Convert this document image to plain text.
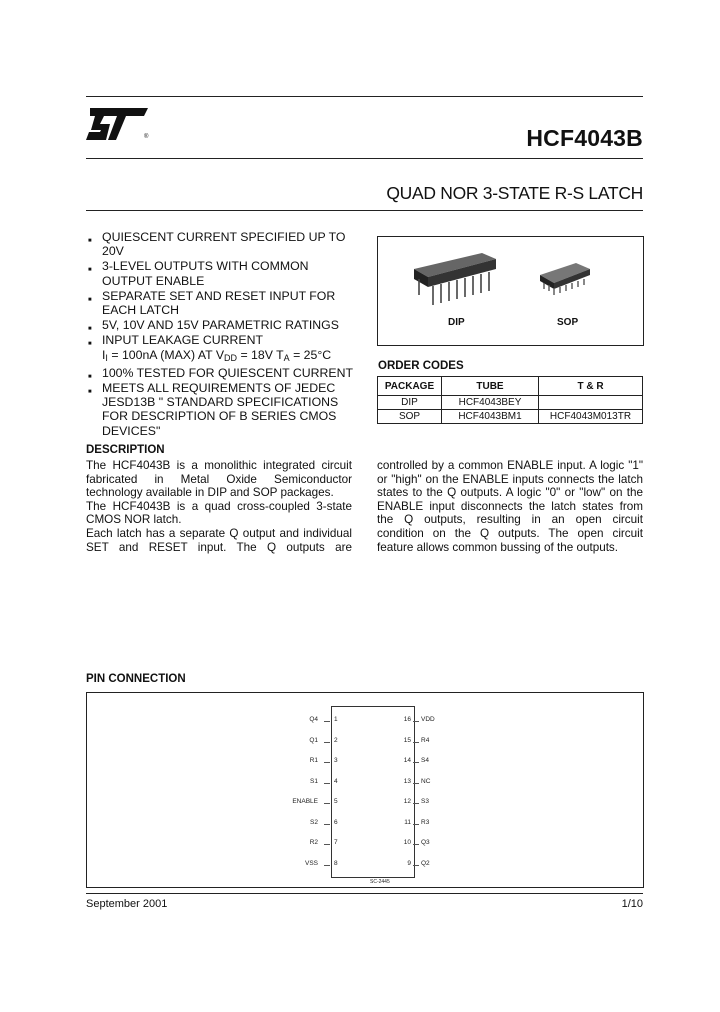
®	HCF4043B
QUAD NOR 3-STATE R-S LATCH
■ QUIESCENT CURRENT SPECIFIED UP TO
20V
■ 3-LEVEL OUTPUTS WITH COMMON
OUTPUT ENABLE
■ SEPARATE SET AND RESET INPUT FOR
EACH LATCH
■ 5V, 10V AND 15V PARAMETRIC RATINGS
■ INPUT LEAKAGE CURRENT
$I_I = 100nA$ (MAX) AT $V_{DD} = 18V$ $T_A = 25^\circ C$
■ 100% TESTED FOR QUIESCENT CURRENT
■ MEETS ALL REQUIREMENTS OF JEDEC
JESD13B " STANDARD SPECIFICATIONS
FOR DESCRIPTION OF B SERIES CMOS
DEVICES"
DIP	SOP
ORDER CODES
PACKAGE	TUBE	T & R
DIP	HCF4043BEY	
SOP	HCF4043BM1	HCF4043M013TR
DESCRIPTION
The HCF4043B is a monolithic integrated circuit
fabricated in Metal Oxide Semiconductor
technology available in DIP and SOP packages.
The HCF4043B is a quad cross-coupled 3-state
CMOS NOR latch.
Each latch has a separate Q output and individual
SET and RESET input. The Q outputs are
controlled by a common ENABLE input. A logic "1"
or "high" on the ENABLE inputs connects the latch
states to the Q outputs. A logic "0" or "low" on the
ENABLE input disconnects the latch states from
the Q outputs, resulting in an open circuit
condition on the Q outputs. The open circuit
feature allows common bussing of the outputs.
PIN CONNECTION
Q4 1
Q1 2
R1 3
S1 4
ENABLE 5
S2 6
R2 7
VSS 8
16 VDD
15 R4
14 S4
13 NC
12 S3
11 R3
10 Q3
9 Q2
SC-2445
September 2001	1/10
